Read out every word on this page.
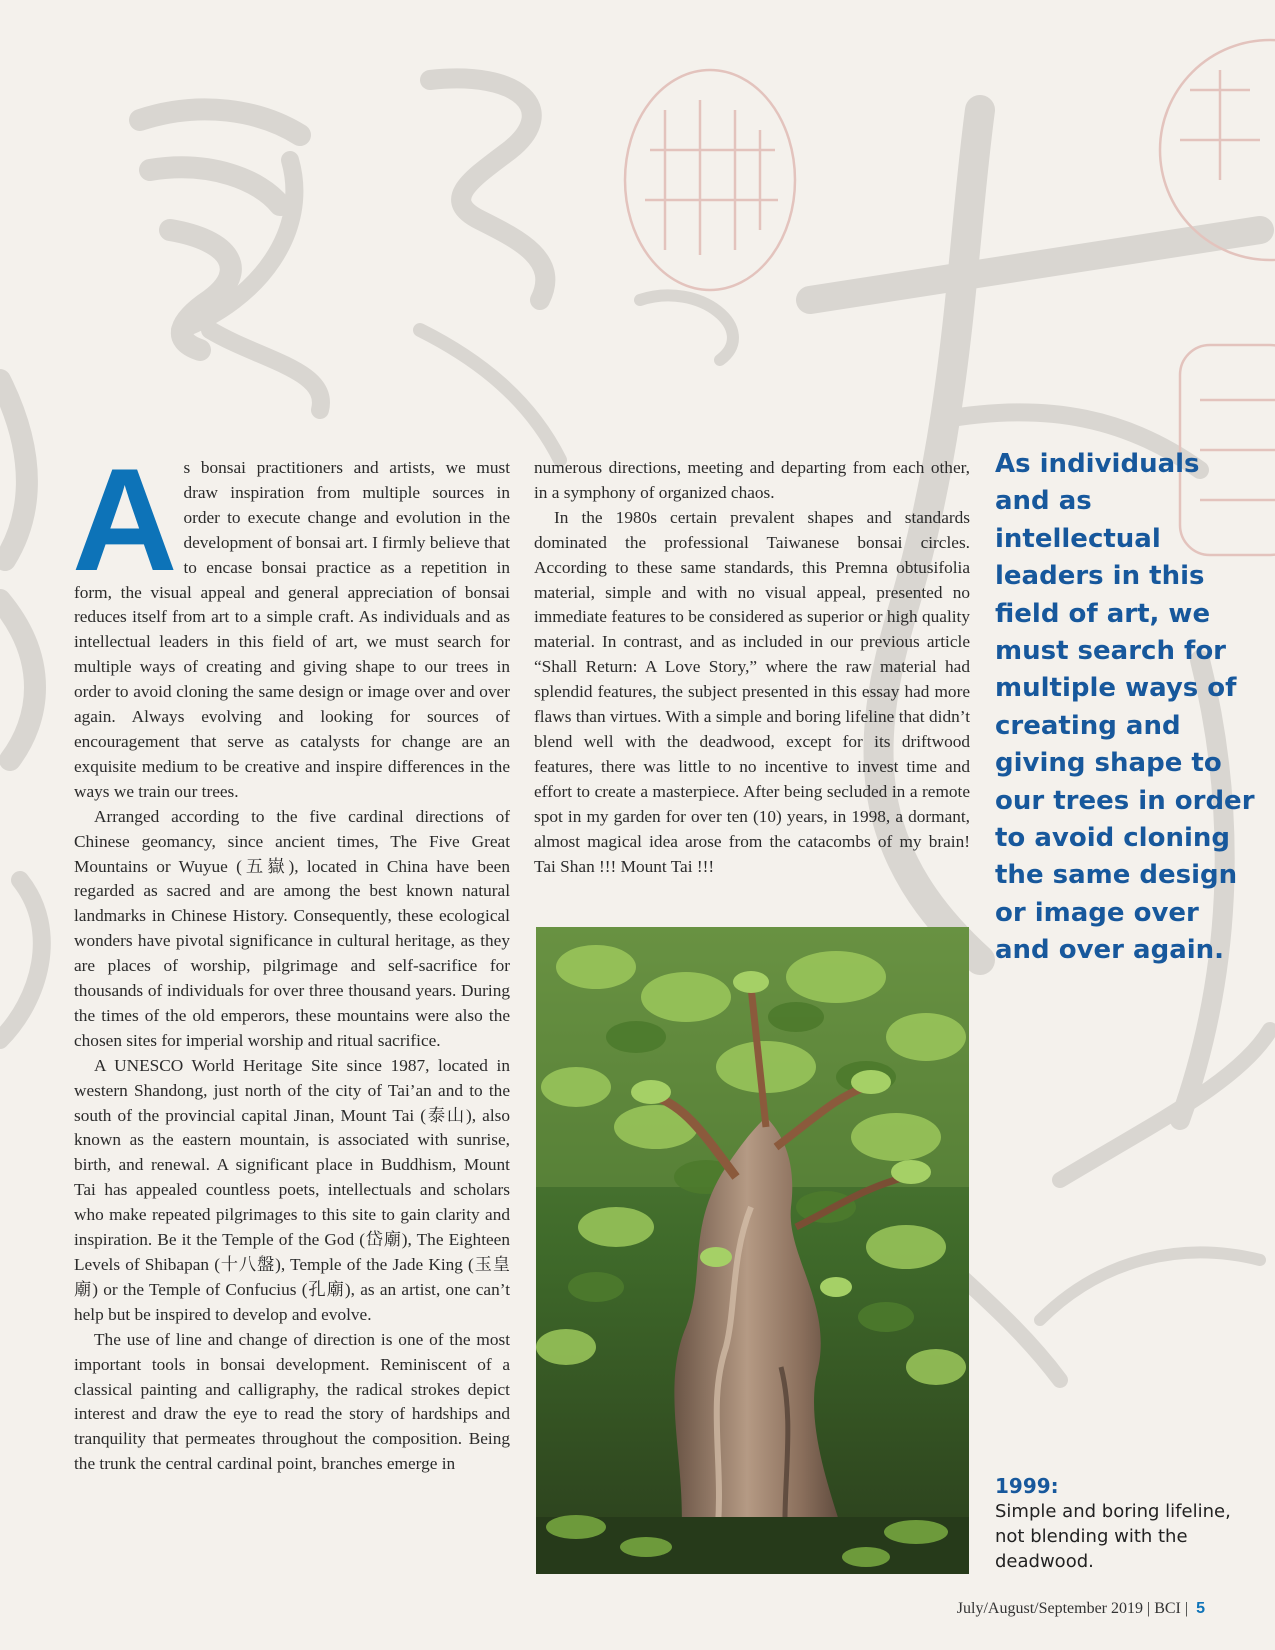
As bonsai practitioners and artists, we must draw inspiration from multiple sources in order to execute change and evolution in the development of bonsai art. I firmly believe that to encase bonsai practice as a repetition in form, the visual appeal and general appreciation of bonsai reduces itself from art to a simple craft. As individuals and as intellectual leaders in this field of art, we must search for multiple ways of creating and giving shape to our trees in order to avoid cloning the same design or image over and over again. Always evolving and looking for sources of encouragement that serve as catalysts for change are an exquisite medium to be creative and inspire differences in the ways we train our trees.

Arranged according to the five cardinal directions of Chinese geomancy, since ancient times, The Five Great Mountains or Wuyue (五嶽), located in China have been regarded as sacred and are among the best known natural landmarks in Chinese History. Consequently, these ecological wonders have pivotal significance in cultural heritage, as they are places of worship, pilgrimage and self-sacrifice for thousands of individuals for over three thousand years. During the times of the old emperors, these mountains were also the chosen sites for imperial worship and ritual sacrifice.

A UNESCO World Heritage Site since 1987, located in western Shandong, just north of the city of Tai’an and to the south of the provincial capital Jinan, Mount Tai (泰山), also known as the eastern mountain, is associated with sunrise, birth, and renewal. A significant place in Buddhism, Mount Tai has appealed countless poets, intellectuals and scholars who make repeated pilgrimages to this site to gain clarity and inspiration. Be it the Temple of the God (岱廟), The Eighteen Levels of Shibapan (十八盤), Temple of the Jade King (玉皇廟) or the Temple of Confucius (孔廟), as an artist, one can’t help but be inspired to develop and evolve.

The use of line and change of direction is one of the most important tools in bonsai development. Reminiscent of a classical painting and calligraphy, the radical strokes depict interest and draw the eye to read the story of hardships and tranquility that permeates throughout the composition. Being the trunk the central cardinal point, branches emerge in

numerous directions, meeting and departing from each other, in a symphony of organized chaos.

In the 1980s certain prevalent shapes and standards dominated the professional Taiwanese bonsai circles. According to these same standards, this Premna obtusifolia material, simple and with no visual appeal, presented no immediate features to be considered as superior or high quality material. In contrast, and as included in our previous article “Shall Return: A Love Story,” where the raw material had splendid features, the subject presented in this essay had more flaws than virtues. With a simple and boring lifeline that didn’t blend well with the deadwood, except for its driftwood features, there was little to no incentive to invest time and effort to create a masterpiece. After being secluded in a remote spot in my garden for over ten (10) years, in 1998, a dormant, almost magical idea arose from the catacombs of my brain! Tai Shan !!! Mount Tai !!!

As individuals and as intellectual leaders in this field of art, we must search for multiple ways of creating and giving shape to our trees in order to avoid cloning the same design or image over and over again.

1999:
Simple and boring lifeline, not blending with the deadwood.
July/August/September 2019 | BCI | 5
